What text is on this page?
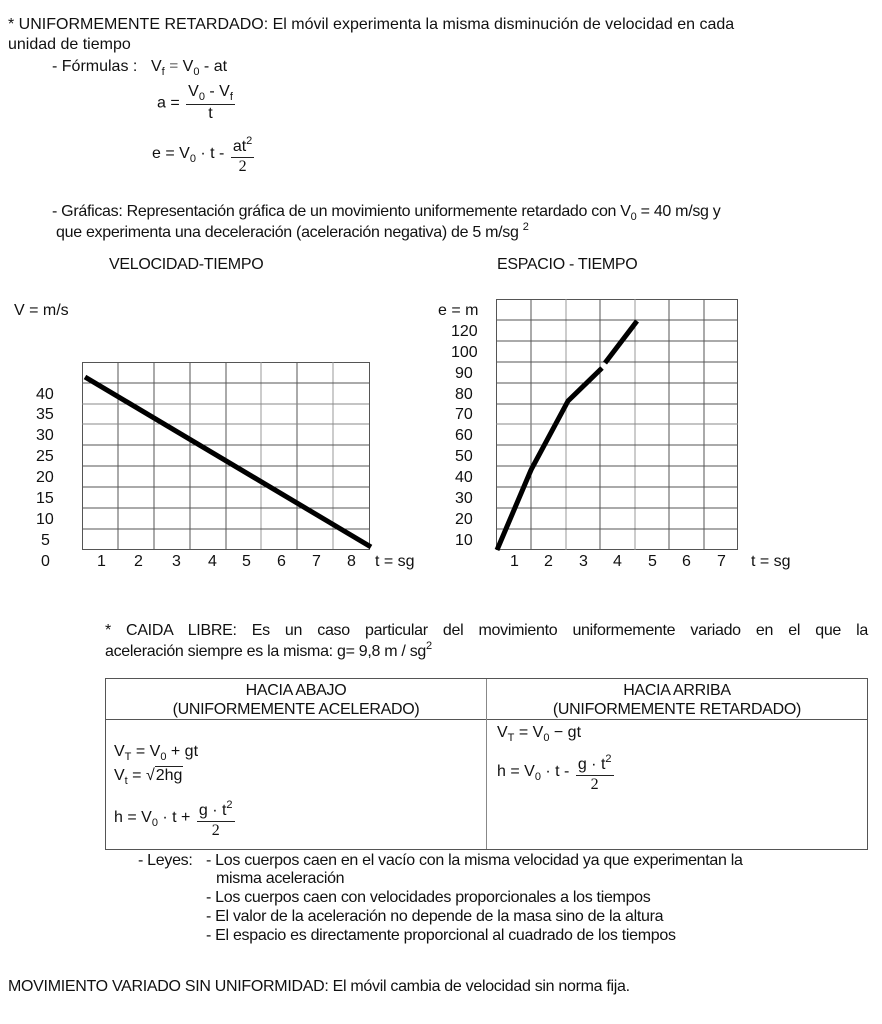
* UNIFORMEMENTE RETARDADO: El móvil experimenta la misma disminución de velocidad en cada
unidad de tiempo
- Fórmulas : $V_f = V_0$ - at
$a = \frac{V_0 - V_f}{t}$
$e = V_0 \cdot t - \frac{at^2}{2}$
- Gráficas: Representación gráfica de un movimiento uniformemente retardado con $V_0 = 40$ m/sg y
que experimenta una deceleración (aceleración negativa) de 5 m/sg $^2$
VELOCIDAD-TIEMPO	ESPACIO - TIEMPO
V = m/s
t = sg
e = m
t = sg
40
35
30
25
20
15
10
5
0	1 2 3 4 5 6 7 8
120
100
90
80
70
60
50
40
30
20
10
1 2 3 4 5 6 7
* CAIDA LIBRE: Es un caso particular del movimiento uniformemente variado en el que la
aceleración siempre es la misma: g= 9,8 m / $sg^2$
HACIA ABAJO
(UNIFORMEMENTE ACELERADO)
HACIA ARRIBA
(UNIFORMEMENTE RETARDADO)
$V_T = V_0$ + gt
$V_t = √2hg$
$h = V_0 \cdot t + \frac{g \cdot t^2}{2}$
$V_T = V_0$ − gt
$h = V_0 \cdot t - \frac{g \cdot t^2}{2}$
- Leyes: - Los cuerpos caen en el vacío con la misma velocidad ya que experimentan la
misma aceleración
- Los cuerpos caen con velocidades proporcionales a los tiempos
- El valor de la aceleración no depende de la masa sino de la altura
- El espacio es directamente proporcional al cuadrado de los tiempos
MOVIMIENTO VARIADO SIN UNIFORMIDAD: El móvil cambia de velocidad sin norma fija.
